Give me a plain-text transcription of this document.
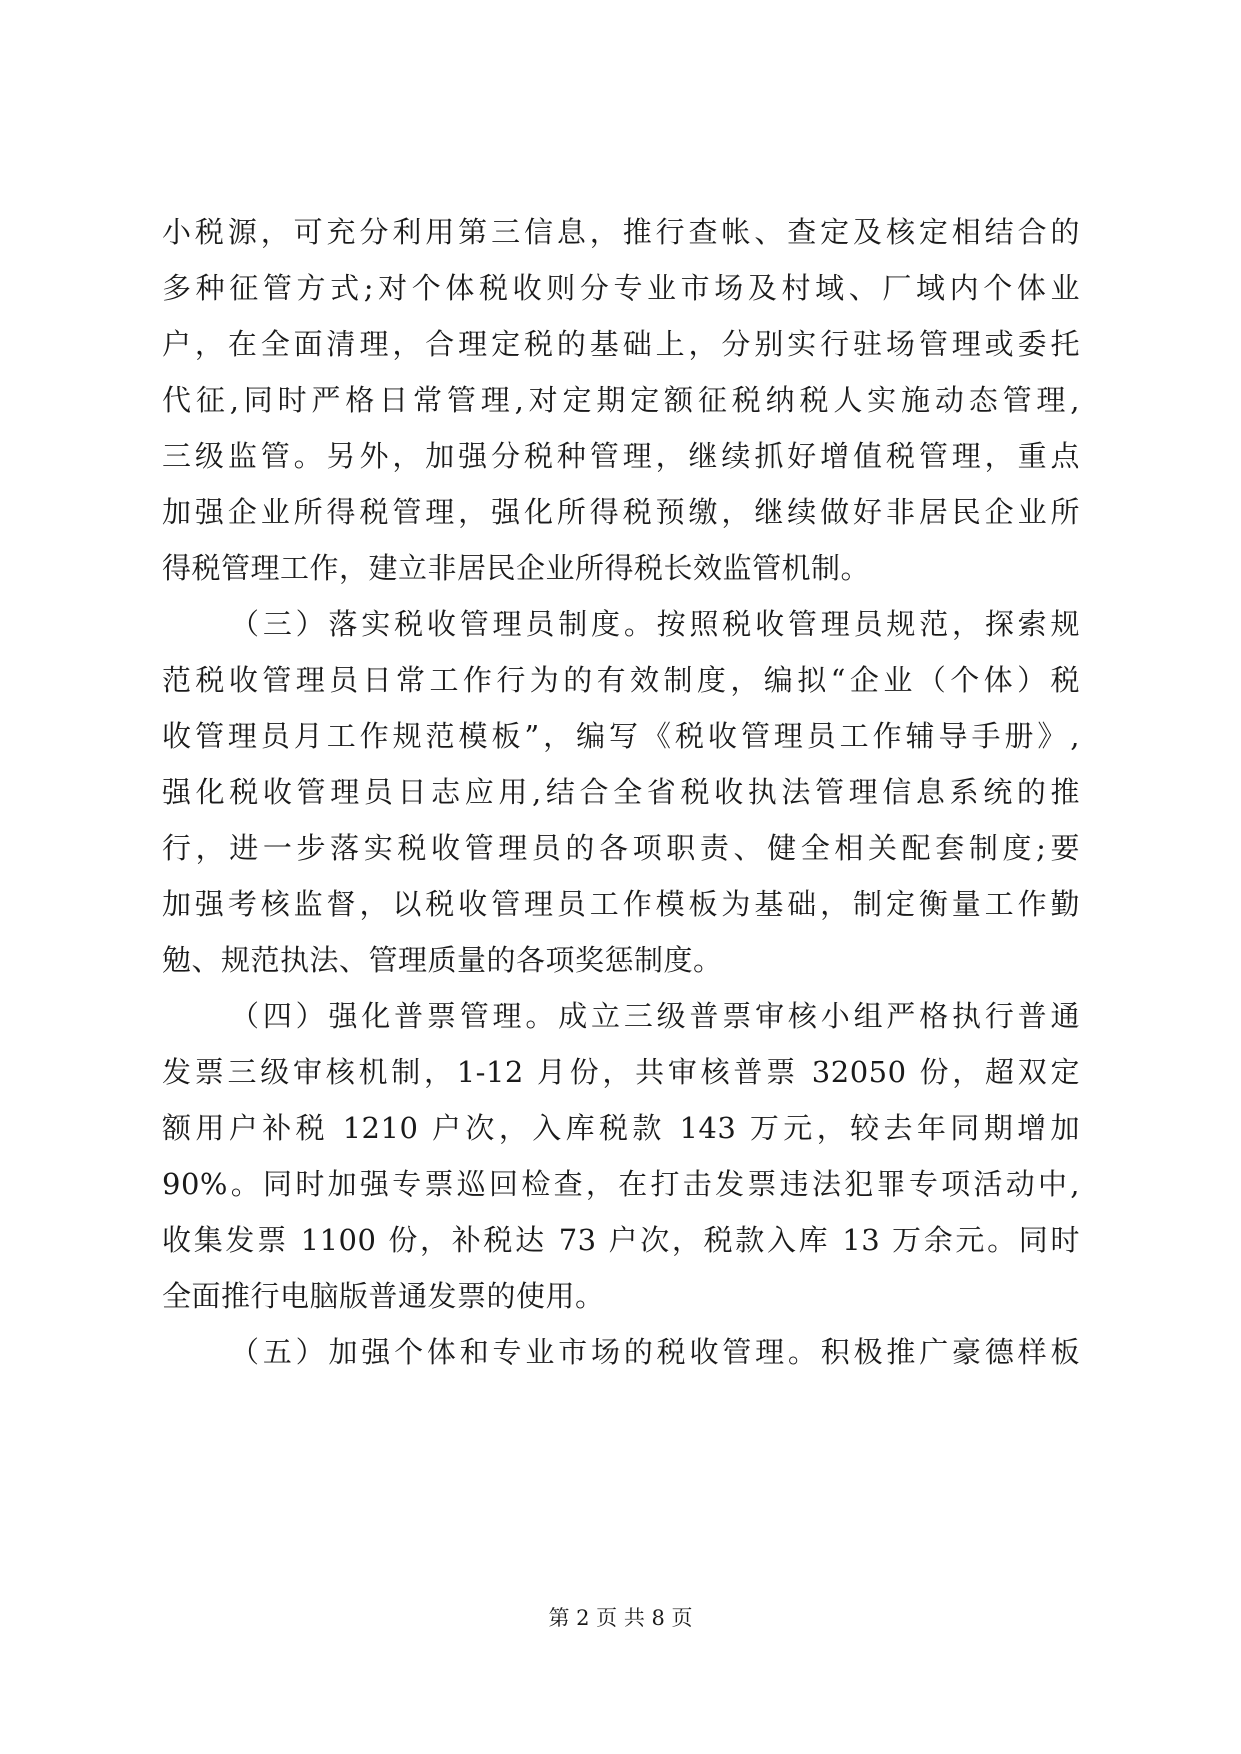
小税源，可充分利用第三信息，推行查帐、查定及核定相结合的
多种征管方式;对个体税收则分专业市场及村域、厂域内个体业
户，在全面清理，合理定税的基础上，分别实行驻场管理或委托
代征,同时严格日常管理,对定期定额征税纳税人实施动态管理,
三级监管。另外，加强分税种管理，继续抓好增值税管理，重点
加强企业所得税管理，强化所得税预缴，继续做好非居民企业所
得税管理工作，建立非居民企业所得税长效监管机制。
（三）落实税收管理员制度。按照税收管理员规范，探索规
范税收管理员日常工作行为的有效制度，编拟“企业（个体）税
收管理员月工作规范模板”，编写《税收管理员工作辅导手册》,
强化税收管理员日志应用,结合全省税收执法管理信息系统的推
行，进一步落实税收管理员的各项职责、健全相关配套制度;要
加强考核监督，以税收管理员工作模板为基础，制定衡量工作勤
勉、规范执法、管理质量的各项奖惩制度。
（四）强化普票管理。成立三级普票审核小组严格执行普通
发票三级审核机制，1-12 月份，共审核普票 32050 份，超双定
额用户补税 1210 户次，入库税款 143 万元，较去年同期增加
90%。同时加强专票巡回检查，在打击发票违法犯罪专项活动中,
收集发票 1100 份，补税达 73 户次，税款入库 13 万余元。同时
全面推行电脑版普通发票的使用。
（五）加强个体和专业市场的税收管理。积极推广豪德样板
第 2 页 共 8 页
